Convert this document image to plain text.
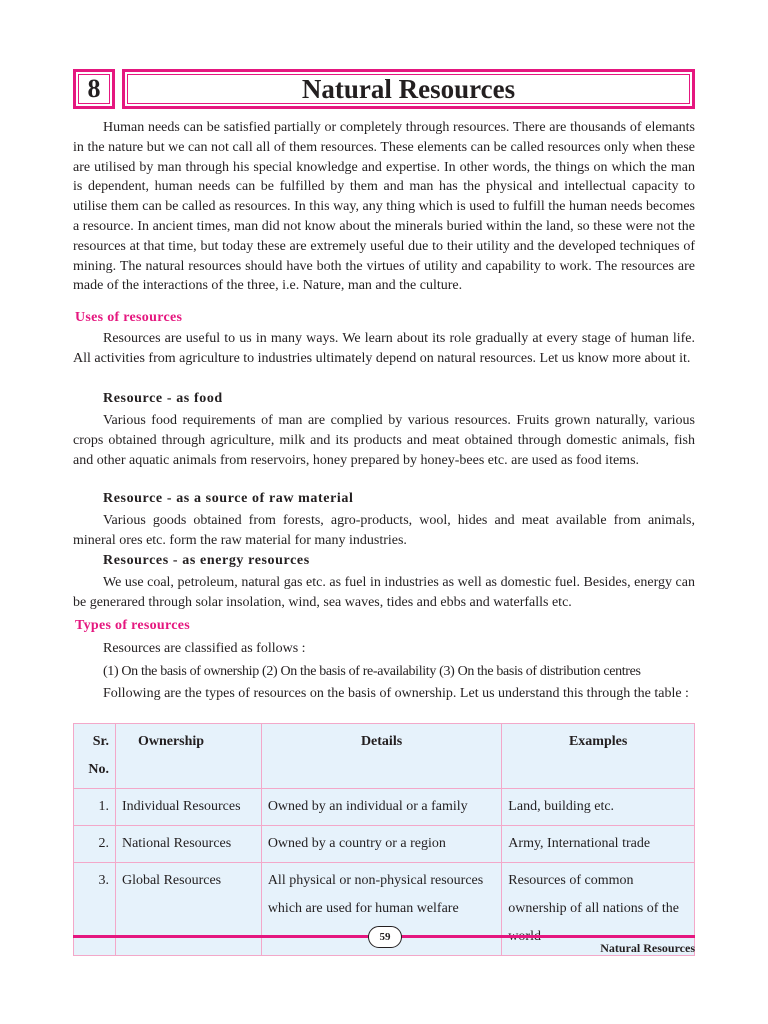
8	Natural Resources

Human needs can be satisfied partially or completely through resources. There are thousands of elemants in the nature but we can not call all of them resources. These elements can be called resources only when these are utilised by man through his special knowledge and expertise. In other words, the things on which the man is dependent, human needs can be fulfilled by them and man has the physical and intellectual capacity to utilise them can be called as resources. In this way, any thing which is used to fulfill the human needs becomes a resource. In ancient times, man did not know about the minerals buried within the land, so these were not the resources at that time, but today these are extremely useful due to their utility and the developed techniques of mining. The natural resources should have both the virtues of utility and capability to work. The resources are made of the interactions of the three, i.e. Nature, man and the culture.

Uses of resources

Resources are useful to us in many ways. We learn about its role gradually at every stage of human life. All activities from agriculture to industries ultimately depend on natural resources. Let us know more about it.

Resource - as food

Various food requirements of man are complied by various resources. Fruits grown naturally, various crops obtained through agriculture, milk and its products and meat obtained through domestic animals, fish and other aquatic animals from reservoirs, honey prepared by honey-bees etc. are used as food items.

Resource - as a source of raw material

Various goods obtained from forests, agro-products, wool, hides and meat available from animals, mineral ores etc. form the raw material for many industries.

Resources - as energy resources

We use coal, petroleum, natural gas etc. as fuel in industries as well as domestic fuel. Besides, energy can be generared through solar insolation, wind, sea waves, tides and ebbs and waterfalls etc.

Types of resources

Resources are classified as follows :

(1) On the basis of ownership (2) On the basis of re-availability (3) On the basis of distribution centres

Following are the types of resources on the basis of ownership. Let us understand this through the table :

Sr. No.	Ownership	Details	Examples
1.	Individual Resources	Owned by an individual or a family	Land, building etc.
2.	National Resources	Owned by a country or a region	Army, International trade
3.	Global Resources	All physical or non-physical resources which are used for human welfare	Resources of common ownership of all nations of the
59

Natural Resources
